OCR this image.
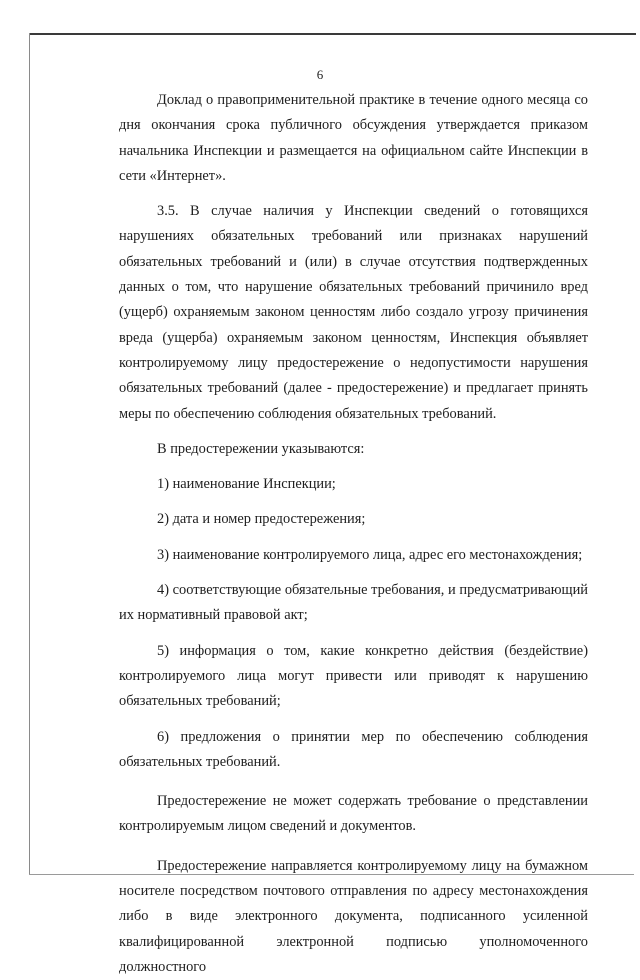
6

Доклад о правоприменительной практике в течение одного месяца со дня окончания срока публичного обсуждения утверждается приказом начальника Инспекции и размещается на официальном сайте Инспекции в сети «Интернет».

3.5. В случае наличия у Инспекции сведений о готовящихся нарушениях обязательных требований или признаках нарушений обязательных требований и (или) в случае отсутствия подтвержденных данных о том, что нарушение обязательных требований причинило вред (ущерб) охраняемым законом ценностям либо создало угрозу причинения вреда (ущерба) охраняемым законом ценностям, Инспекция объявляет контролируемому лицу предостережение о недопустимости нарушения обязательных требований (далее - предостережение) и предлагает принять меры по обеспечению соблюдения обязательных требований.

В предостережении указываются:

1) наименование Инспекции;

2) дата и номер предостережения;

3) наименование контролируемого лица, адрес его местонахождения;

4) соответствующие обязательные требования, и предусматривающий их нормативный правовой акт;

5) информация о том, какие конкретно действия (бездействие) контролируемого лица могут привести или приводят к нарушению обязательных требований;

6) предложения о принятии мер по обеспечению соблюдения обязательных требований.

Предостережение не может содержать требование о представлении контролируемым лицом сведений и документов.

Предостережение направляется контролируемому лицу на бумажном носителе посредством почтового отправления по адресу местонахождения либо в виде электронного документа, подписанного усиленной квалифицированной электронной подписью уполномоченного должностного
